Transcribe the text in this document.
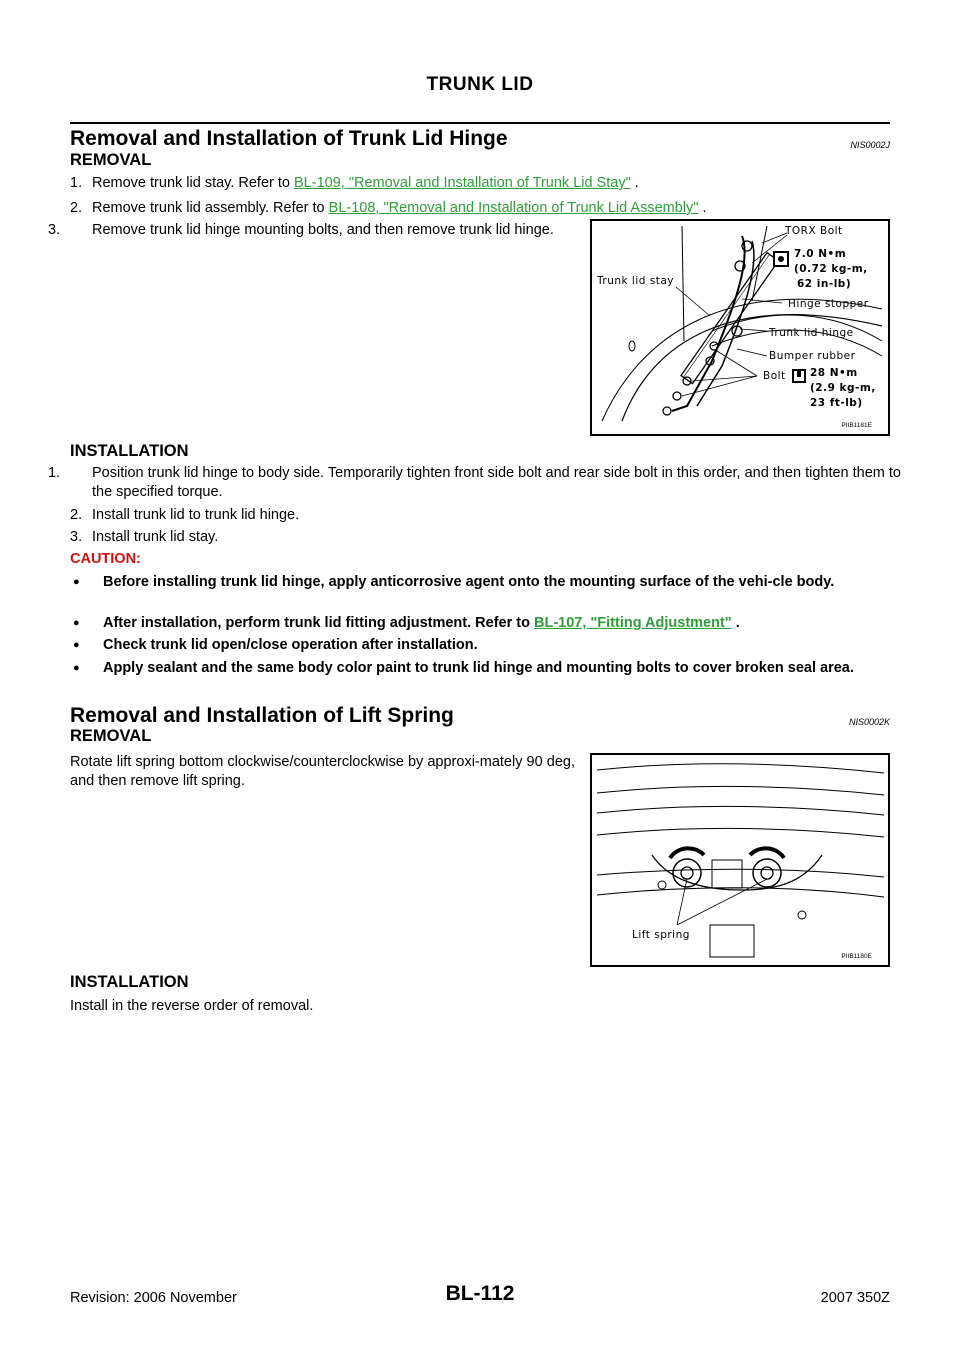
TRUNK LID
Removal and Installation of Trunk Lid Hinge	NIS0002J
REMOVAL
1. Remove trunk lid stay. Refer to BL-109, "Removal and Installation of Trunk Lid Stay" .
2. Remove trunk lid assembly. Refer to BL-108, "Removal and Installation of Trunk Lid Assembly" .
3. Remove trunk lid hinge mounting bolts, and then remove trunk lid hinge.	TORX Bolt
7.0 N•m
(0.72 kg-m,
62 in-lb)
Trunk lid stay
Hinge stopper
Trunk lid hinge
Bumper rubber
Bolt 28 N•m
(2.9 kg-m,
23 ft-lb)
PIIB1181E
INSTALLATION
1. Position trunk lid hinge to body side. Temporarily tighten front side bolt and rear side bolt in this order, and then tighten them to the specified torque.
2. Install trunk lid to trunk lid hinge.
3. Install trunk lid stay.
CAUTION:
●	Before installing trunk lid hinge, apply anticorrosive agent onto the mounting surface of the vehi-cle body.
●	After installation, perform trunk lid fitting adjustment. Refer to BL-107, "Fitting Adjustment" .
●	Check trunk lid open/close operation after installation.
●	Apply sealant and the same body color paint to trunk lid hinge and mounting bolts to cover broken seal area.
Removal and Installation of Lift Spring	NIS0002K
REMOVAL
Rotate lift spring bottom clockwise/counterclockwise by approxi-mately 90 deg, and then remove lift spring.
Lift spring
PIIB1180E
INSTALLATION
Install in the reverse order of removal.
Revision: 2006 November	BL-112	2007 350Z
